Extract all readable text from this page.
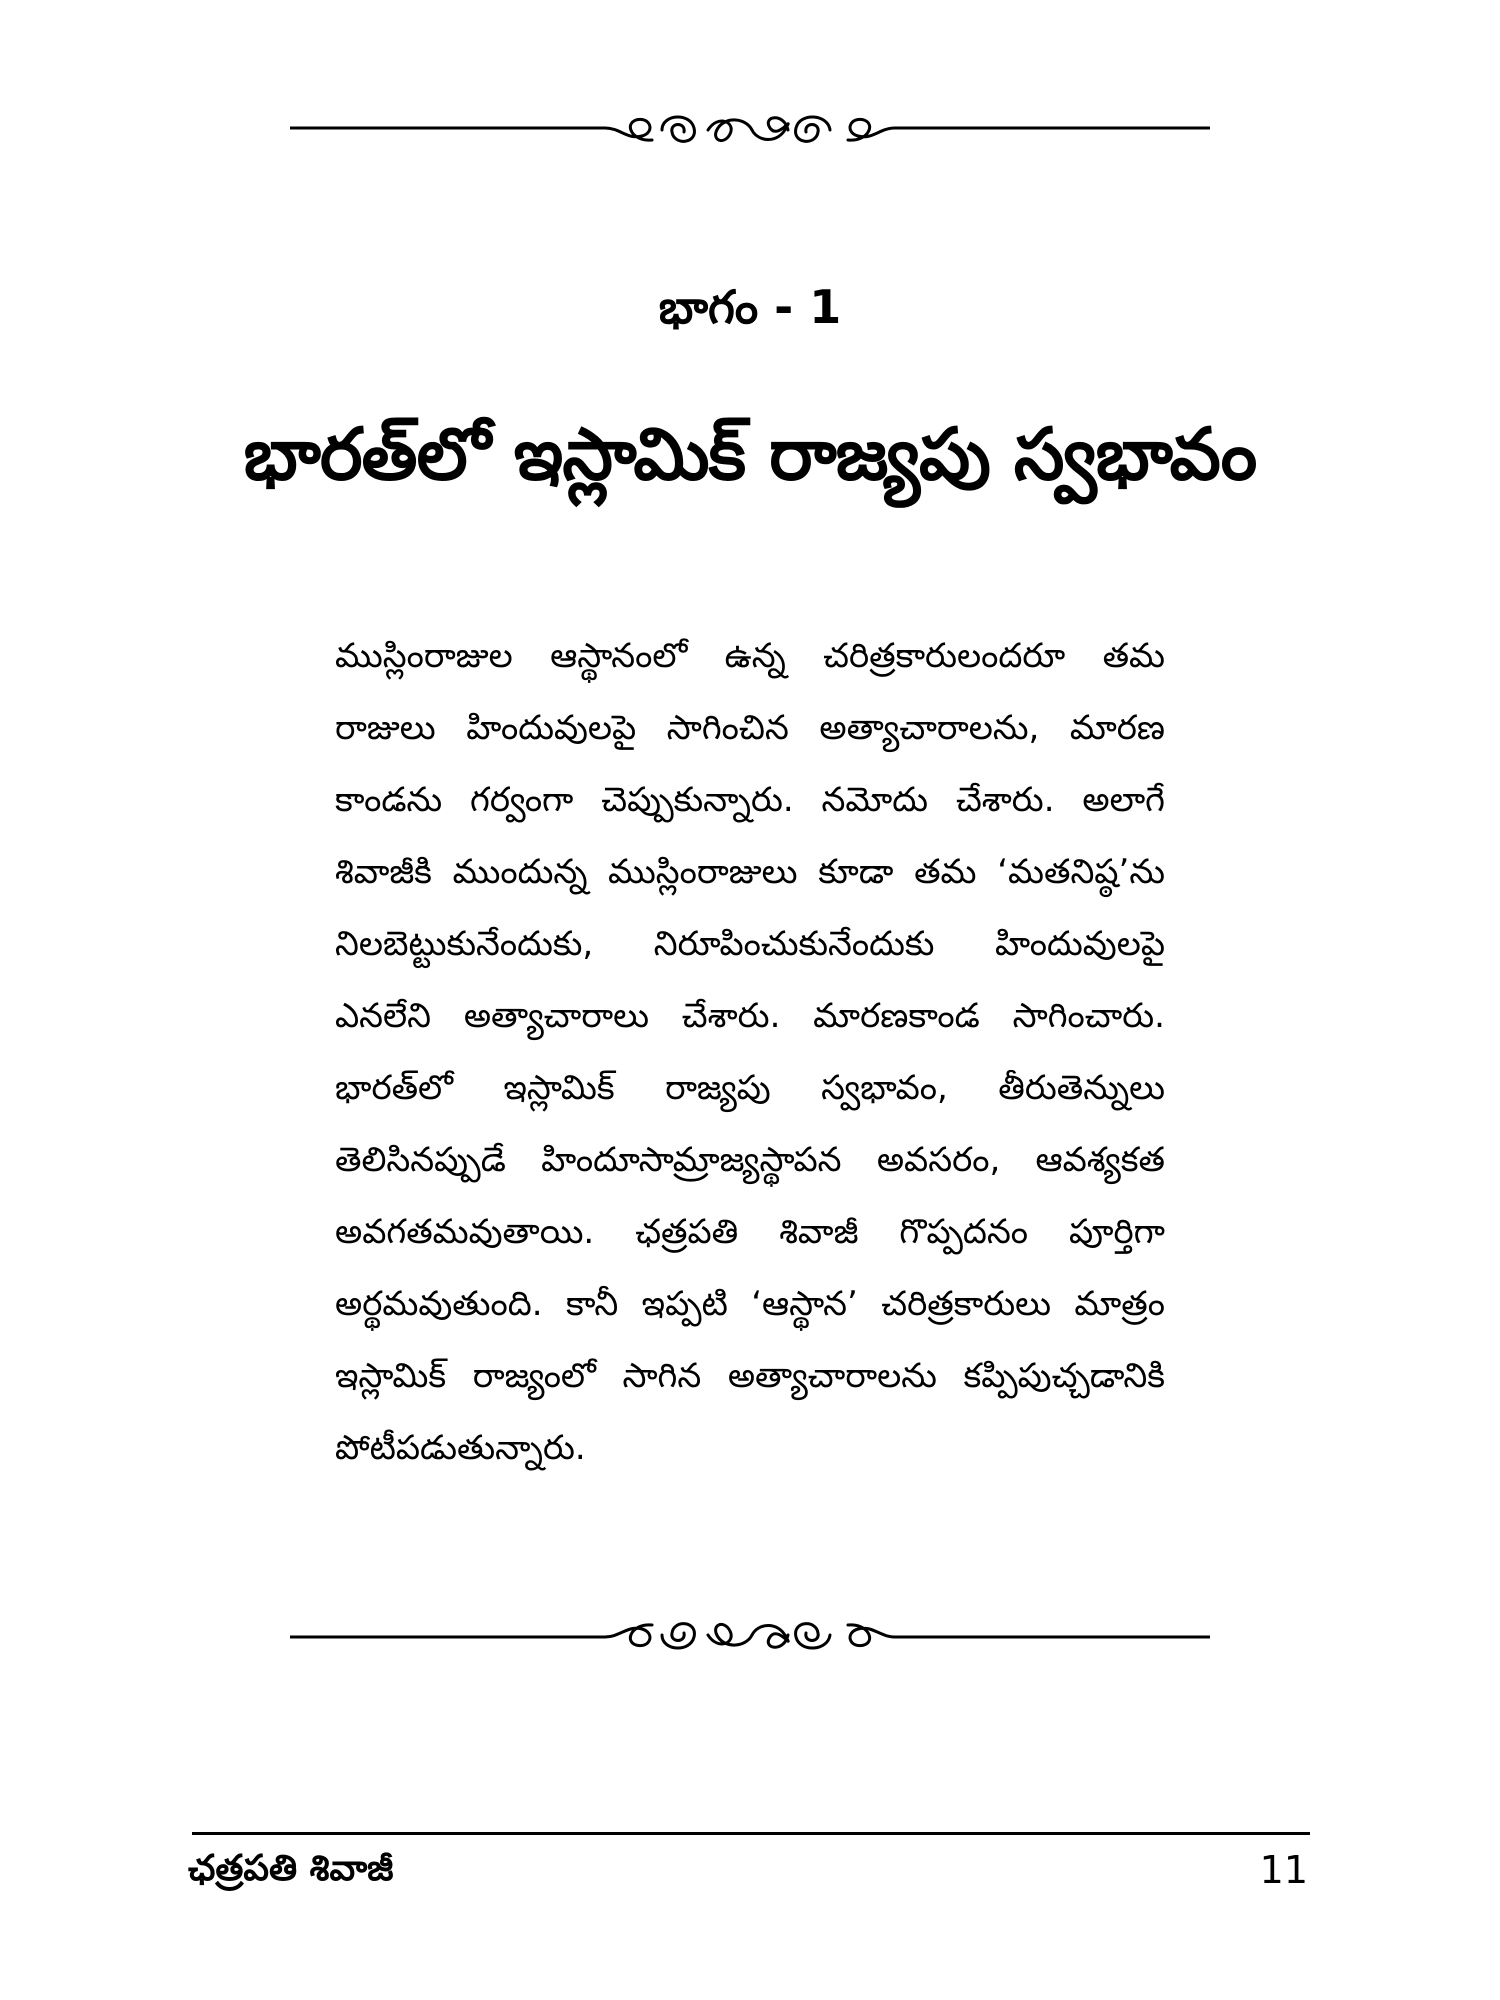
భాగం - 1
భారత్‌లో ఇస్లామిక్ రాజ్యపు స్వభావం
ముస్లింరాజుల ఆస్థానంలో ఉన్న చరిత్రకారులందరూ తమ
రాజులు హిందువులపై సాగించిన అత్యాచారాలను, మారణ
కాండను గర్వంగా చెప్పుకున్నారు. నమోదు చేశారు. అలాగే
శివాజీకి ముందున్న ముస్లింరాజులు కూడా తమ ‘మతనిష్ఠ’ను
నిలబెట్టుకునేందుకు, నిరూపించుకునేందుకు హిందువులపై
ఎనలేని అత్యాచారాలు చేశారు. మారణకాండ సాగించారు.
భారత్‌లో ఇస్లామిక్ రాజ్యపు స్వభావం, తీరుతెన్నులు
తెలిసినప్పుడే హిందూసామ్రాజ్యస్థాపన అవసరం, ఆవశ్యకత
అవగతమవుతాయి. ఛత్రపతి శివాజీ గొప్పదనం పూర్తిగా
అర్థమవుతుంది. కానీ ఇప్పటి ‘ఆస్థాన’ చరిత్రకారులు మాత్రం
ఇస్లామిక్ రాజ్యంలో సాగిన అత్యాచారాలను కప్పిపుచ్చడానికి
పోటీపడుతున్నారు.
ఛత్రపతి శివాజీ	11
